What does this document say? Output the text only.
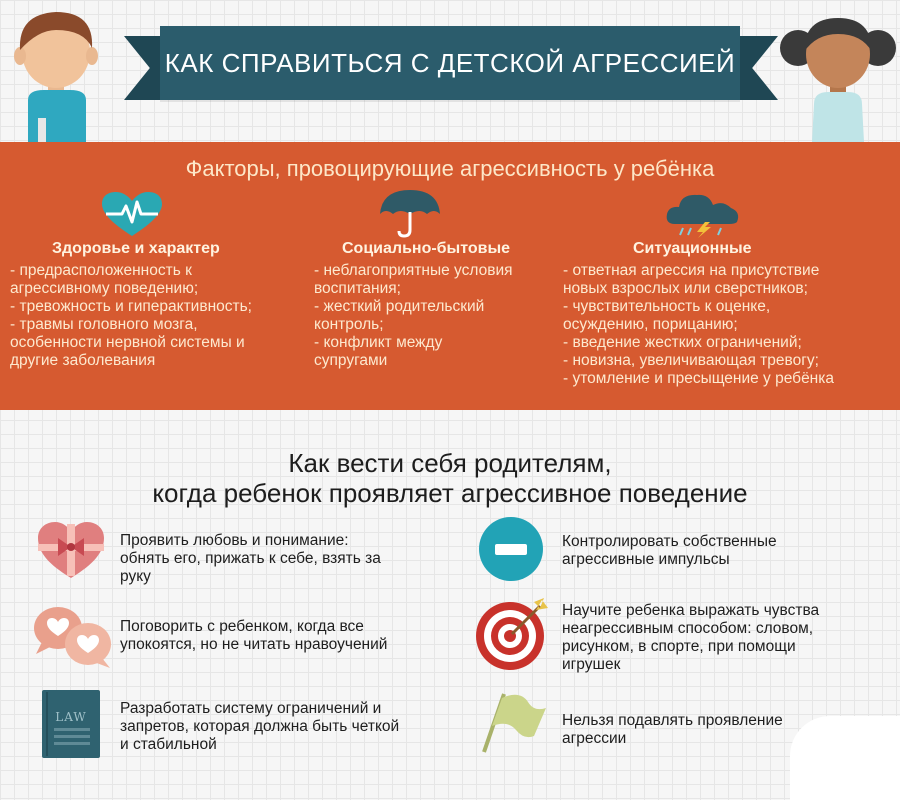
КАК СПРАВИТЬСЯ С ДЕТСКОЙ АГРЕССИЕЙ
Факторы, провоцирующие агрессивность у ребёнка
Здоровье и характер
- предрасположенность к
агрессивному поведению;
- тревожность и гиперактивность;
- травмы головного мозга,
особенности нервной системы и
другие заболевания
Социально-бытовые
- неблагоприятные условия
воспитания;
- жесткий родительский
контроль;
- конфликт между
супругами
Ситуационные
- ответная агрессия на присутствие
новых взрослых или сверстников;
- чувствительность к оценке,
осуждению, порицанию;
- введение жестких ограничений;
- новизна, увеличивающая тревогу;
- утомление и пресыщение у ребёнка
Как вести себя родителям,
когда ребенок проявляет агрессивное поведение

Проявить любовь и понимание:
обнять его, прижать к себе, взять за
руку

Контролировать собственные
агрессивные импульсы

Поговорить с ребенком, когда все
упокоятся, но не читать нравоучений

Научите ребенка выражать чувства
неагрессивным способом: словом,
рисунком, в спорте, при помощи
игрушек

LAW	Разработать систему ограничений и
запретов, которая должна быть четкой
и стабильной

Нельзя подавлять проявление
агрессии
